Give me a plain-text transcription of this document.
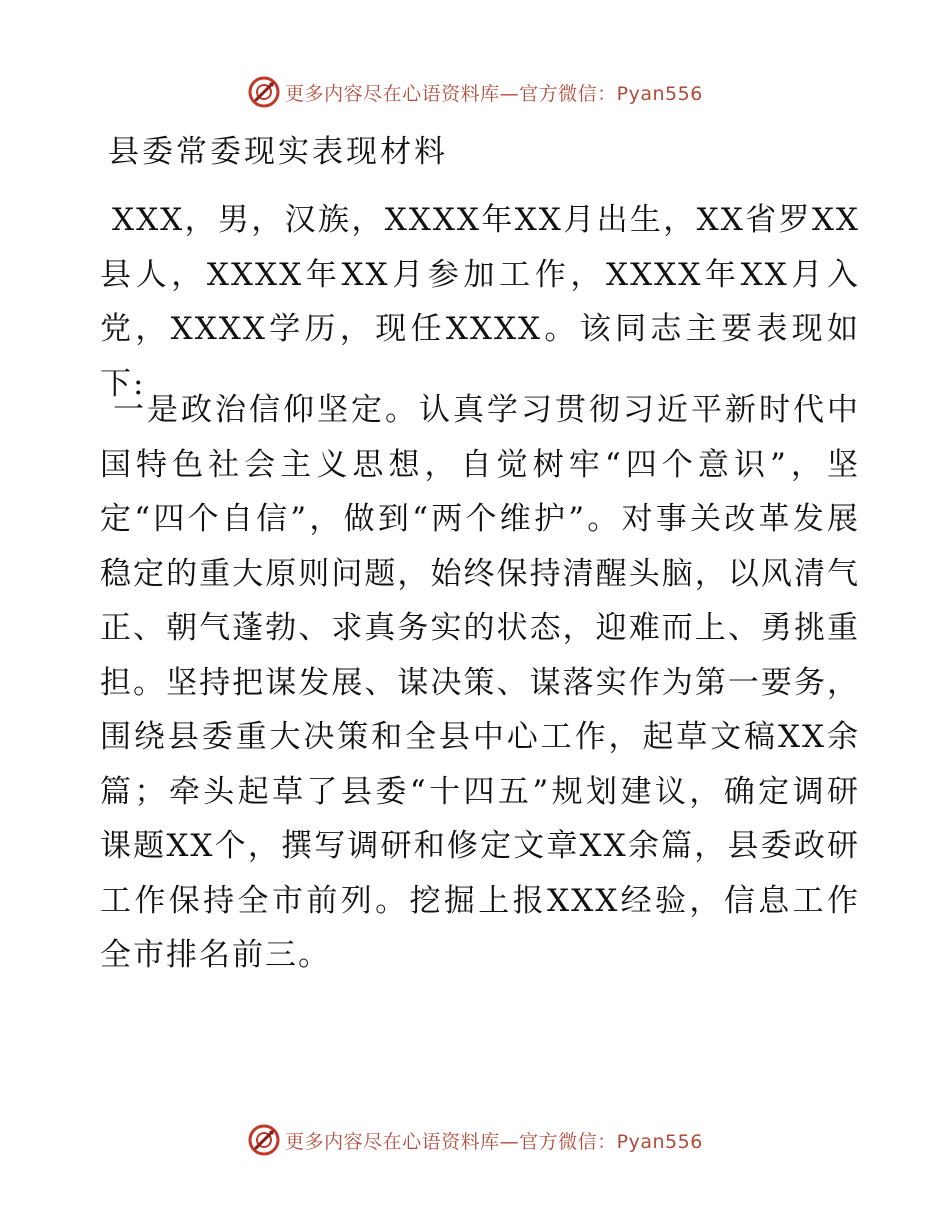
更多内容尽在心语资料库—官方微信：Pyan556
县委常委现实表现材料

XXX，男，汉族，XXXX年XX月出生，XX省罗XX县人，XXXX年XX月参加工作，XXXX年XX月入党，XXXX学历，现任XXXX。该同志主要表现如下:

一是政治信仰坚定。认真学习贯彻习近平新时代中国特色社会主义思想，自觉树牢“四个意识”，坚定“四个自信”，做到“两个维护”。对事关改革发展稳定的重大原则问题，始终保持清醒头脑，以风清气正、朝气蓬勃、求真务实的状态，迎难而上、勇挑重担。坚持把谋发展、谋决策、谋落实作为第一要务，围绕县委重大决策和全县中心工作，起草文稿XX余篇；牵头起草了县委“十四五”规划建议，确定调研课题XX个，撰写调研和修定文章XX余篇，县委政研工作保持全市前列。挖掘上报XXX经验，信息工作全市排名前三。

更多内容尽在心语资料库—官方微信：Pyan556
